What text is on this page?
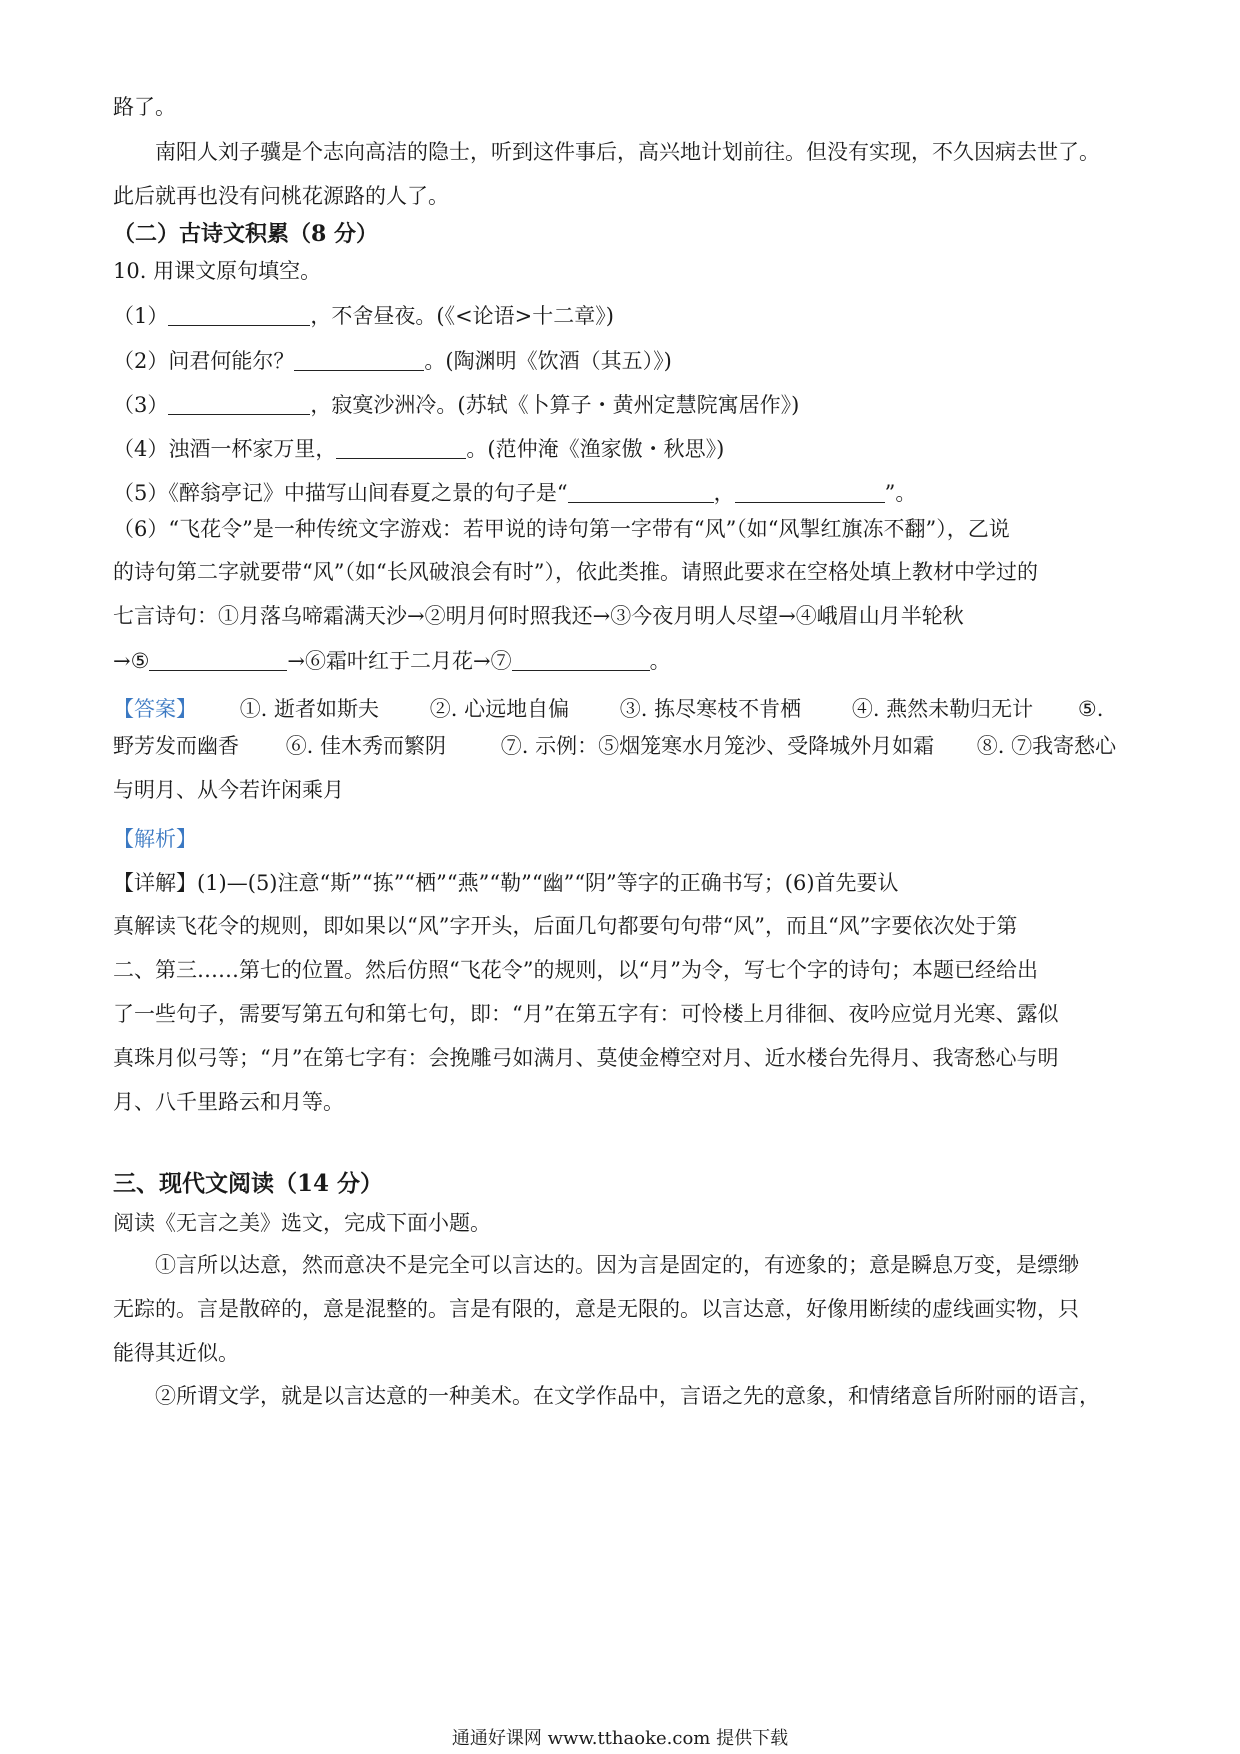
路了。
南阳人刘子骥是个志向高洁的隐士，听到这件事后，高兴地计划前往。但没有实现，不久因病去世了。
此后就再也没有问桃花源路的人了。
（二）古诗文积累（8 分）
10. 用课文原句填空。
（1）	，不舍昼夜。(《<论语>十二章》)
（2）问君何能尔？	。(陶渊明《饮酒（其五）》)
（3）	，寂寞沙洲冷。(苏轼《卜算子・黄州定慧院寓居作》)
（4）浊酒一杯家万里，	。(范仲淹《渔家傲・秋思》)
（5）《醉翁亭记》中描写山间春夏之景的句子是“	，	”。
（6）“飞花令”是一种传统文字游戏：若甲说的诗句第一字带有“风”（如“风掣红旗冻不翻”），乙说
的诗句第二字就要带“风”（如“长风破浪会有时”），依此类推。请照此要求在空格处填上教材中学过的
七言诗句：①月落乌啼霜满天沙→②明月何时照我还→③今夜月明人尽望→④峨眉山月半轮秋
→⑤	→⑥霜叶红于二月花→⑦	。
【答案】 ①. 逝者如斯夫 ②. 心远地自偏 ③. 拣尽寒枝不肯栖 ④. 燕然未勒归无计 ⑤.
野芳发而幽香 ⑥. 佳木秀而繁阴	⑦. 示例：⑤烟笼寒水月笼沙、受降城外月如霜 ⑧. ⑦我寄愁心
与明月、从今若许闲乘月
【解析】
【详解】(1)—(5)注意“斯”“拣”“栖”“燕”“勒”“幽”“阴”等字的正确书写；(6)首先要认
真解读飞花令的规则，即如果以“风”字开头，后面几句都要句句带“风”，而且“风”字要依次处于第
二、第三……第七的位置。然后仿照“飞花令”的规则，以“月”为令，写七个字的诗句；本题已经给出
了一些句子，需要写第五句和第七句，即：“月”在第五字有：可怜楼上月徘徊、夜吟应觉月光寒、露似
真珠月似弓等；“月”在第七字有：会挽雕弓如满月、莫使金樽空对月、近水楼台先得月、我寄愁心与明
月、八千里路云和月等。
三、现代文阅读（14 分）
阅读《无言之美》选文，完成下面小题。
①言所以达意，然而意决不是完全可以言达的。因为言是固定的，有迹象的；意是瞬息万变，是缥缈
无踪的。言是散碎的，意是混整的。言是有限的，意是无限的。以言达意，好像用断续的虚线画实物，只
能得其近似。
②所谓文学，就是以言达意的一种美术。在文学作品中，言语之先的意象，和情绪意旨所附丽的语言，
通通好课网 www.tthaoke.com 提供下载
